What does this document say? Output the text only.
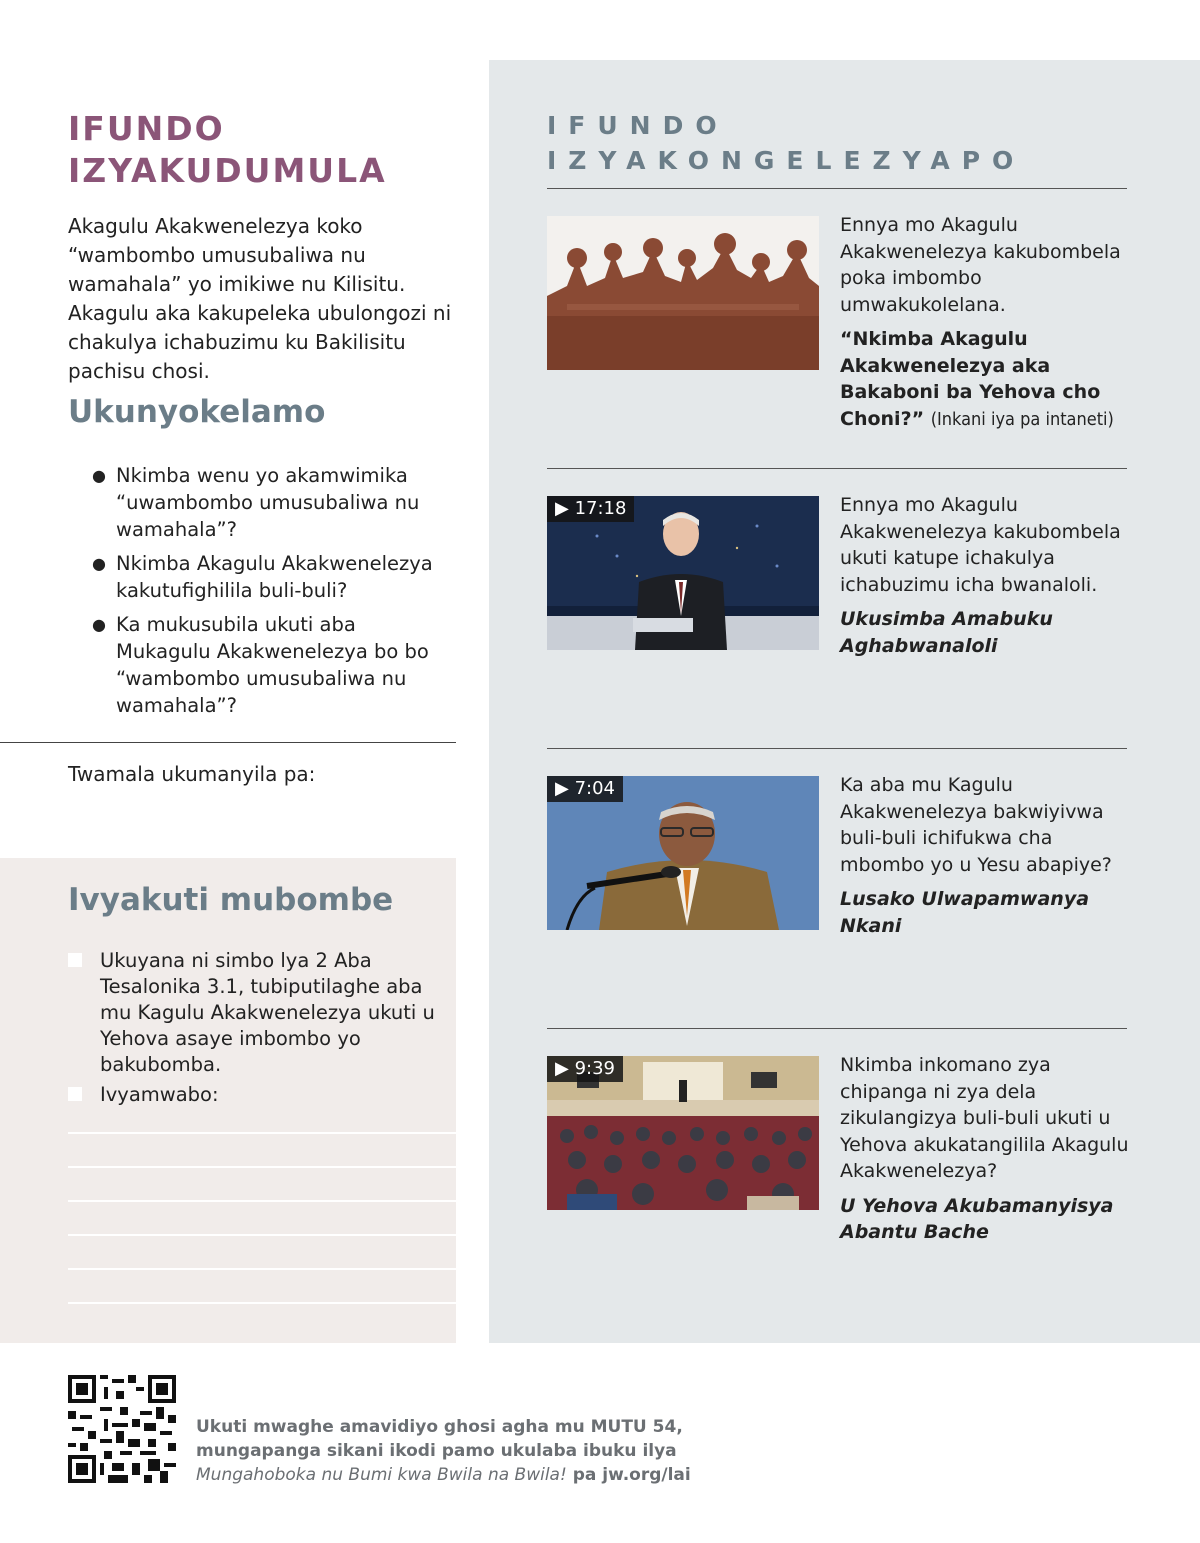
IFUNDO
IZYAKUDUMULA
Akagulu Akakwenelezya koko “wambombo umusubaliwa nu wamahala” yo imikiwe nu Kilisitu. Akagulu aka kakupeleka ubulongozi ni chakulya ichabuzimu ku Bakilisitu pachisu chosi.
Ukunyokelamo
● Nkimba wenu yo akamwimika “uwambombo umusubaliwa nu wamahala”?
● Nkimba Akagulu Akakwenelezya kakutufighilila buli-buli?
● Ka mukusubila ukuti aba Mukagulu Akakwenelezya bo bo “wambombo umusubaliwa nu wamahala”?
Twamala ukumanyila pa:
Ivyakuti mubombe
Ukuyana ni simbo lya 2 Aba Tesalonika 3.1, tubiputilaghe aba mu Kagulu Akakwenelezya ukuti u Yehova asaye imbombo yo bakubomba.
Ivyamwabo:
IFUNDO
IZYAKONGELEZYAPO
Ennya mo Akagulu Akakwenelezya kakubombela poka imbombo umwakukolelana.
“Nkimba Akagulu Akakwenelezya aka Bakaboni ba Yehova cho Choni?” (Inkani iya pa intaneti)
▶ 17:18	Ennya mo Akagulu Akakwenelezya kakubombela ukuti katupe ichakulya ichabuzimu icha bwanaloli.
Ukusimba Amabuku Aghabwanaloli
▶ 7:04	Ka aba mu Kagulu Akakwenelezya bakwiyivwa buli-buli ichifukwa cha mbombo yo u Yesu abapiye?
Lusako Ulwapamwanya Nkani
▶ 9:39	Nkimba inkomano zya chipanga ni zya dela zikulangizya buli-buli ukuti u Yehova akukatangilila Akagulu Akakwenelezya?
U Yehova Akubamanyisya Abantu Bache
Ukuti mwaghe amavidiyo ghosi agha mu MUTU 54,
mungapanga sikani ikodi pamo ukulaba ibuku ilya
Mungahoboka nu Bumi kwa Bwila na Bwila! pa jw.org/lai
